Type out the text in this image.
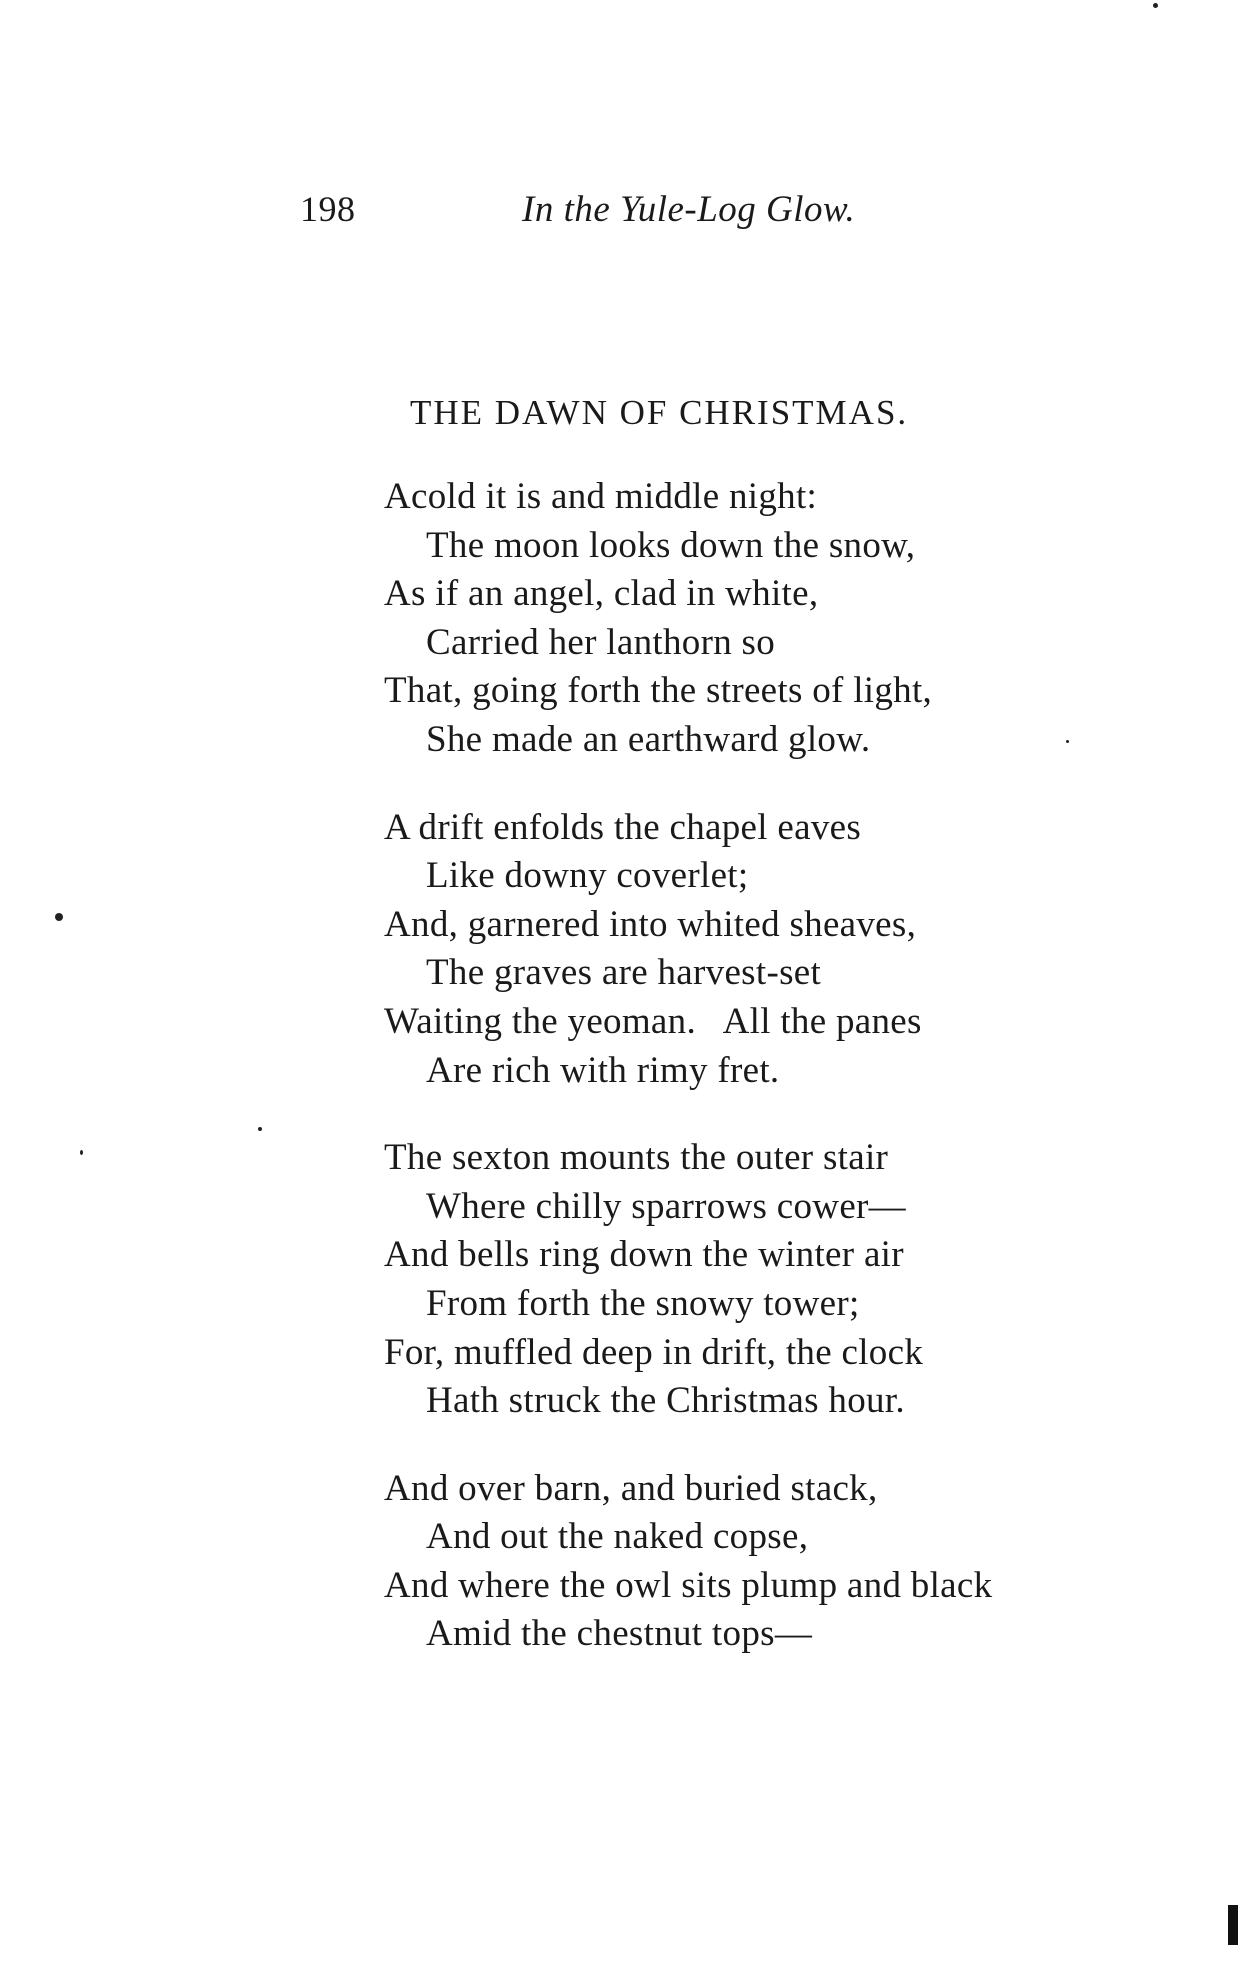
198	In the Yule-Log Glow.
THE DAWN OF CHRISTMAS.
Acold it is and middle night:
The moon looks down the snow,
As if an angel, clad in white,
Carried her lanthorn so
That, going forth the streets of light,
She made an earthward glow.
A drift enfolds the chapel eaves
Like downy coverlet;
And, garnered into whited sheaves,
The graves are harvest-set
Waiting the yeoman.   All the panes
Are rich with rimy fret.
The sexton mounts the outer stair
Where chilly sparrows cower—
And bells ring down the winter air
From forth the snowy tower;
For, muffled deep in drift, the clock
Hath struck the Christmas hour.
And over barn, and buried stack,
And out the naked copse,
And where the owl sits plump and black
Amid the chestnut tops—
